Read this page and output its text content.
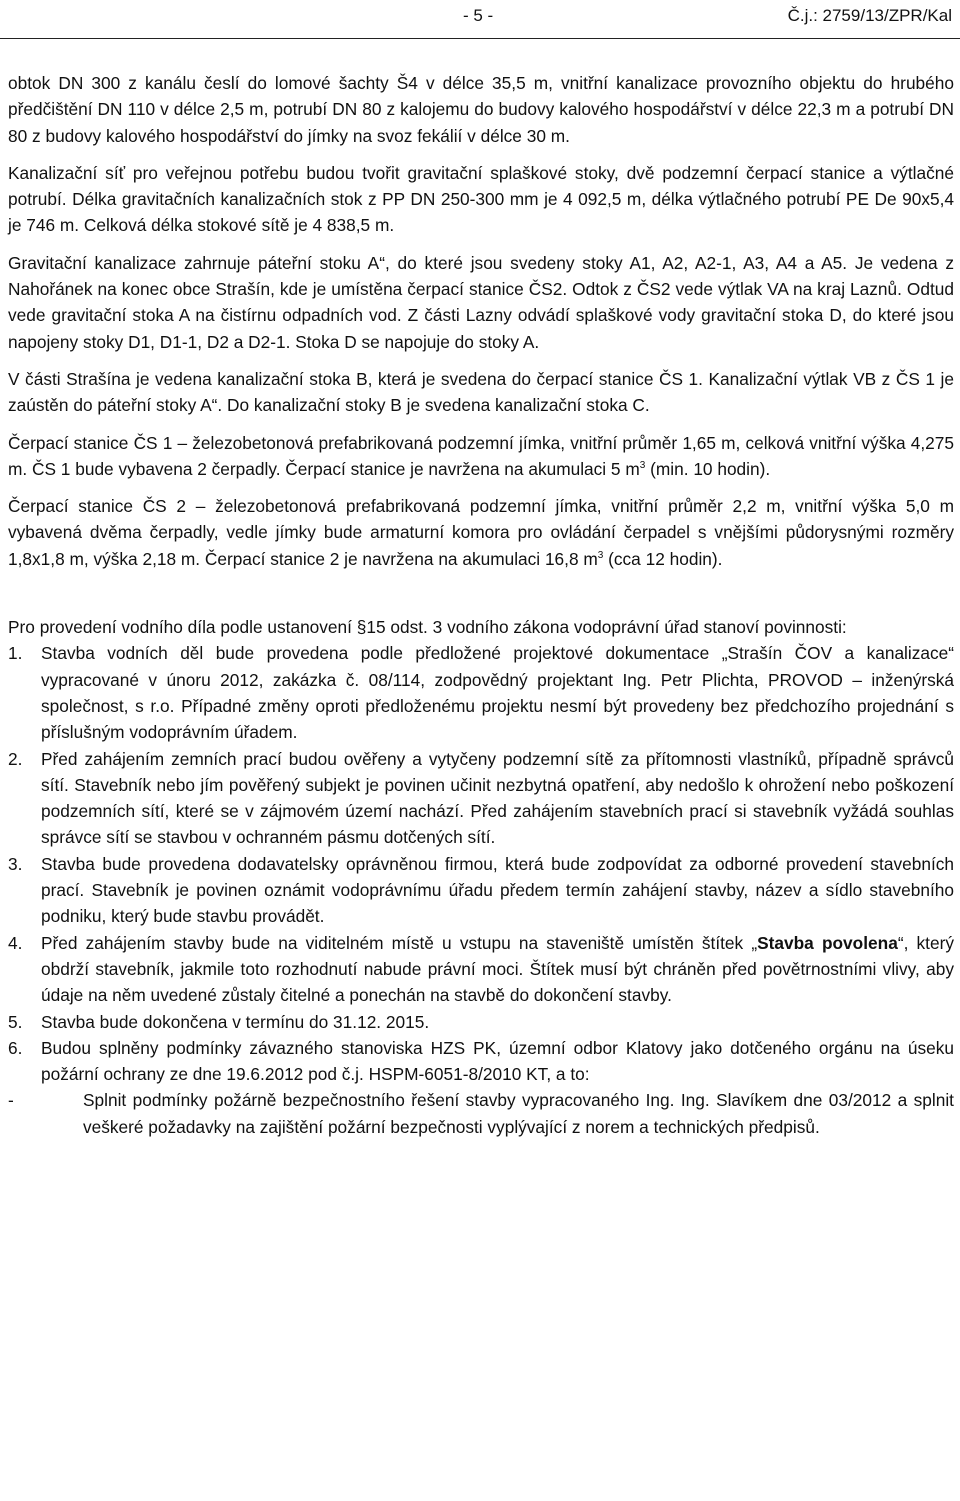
- 5 -	Č.j.: 2759/13/ZPR/Kal

obtok DN 300 z kanálu česlí do lomové šachty Š4 v délce 35,5 m, vnitřní kanalizace provozního objektu do hrubého předčištění DN 110 v délce 2,5 m, potrubí DN 80 z kalojemu do budovy kalového hospodářství v délce 22,3 m a potrubí DN 80 z budovy kalového hospodářství do jímky na svoz fekálií v délce 30 m.

Kanalizační síť pro veřejnou potřebu budou tvořit gravitační splaškové stoky, dvě podzemní čerpací stanice a výtlačné potrubí. Délka gravitačních kanalizačních stok z PP DN 250-300 mm je 4 092,5 m, délka výtlačného potrubí PE De 90x5,4 je 746 m. Celková délka stokové sítě je 4 838,5 m.

Gravitační kanalizace zahrnuje páteřní stoku A“, do které jsou svedeny stoky A1, A2, A2-1, A3, A4 a A5. Je vedena z Nahořánek na konec obce Strašín, kde je umístěna čerpací stanice ČS2. Odtok z ČS2 vede výtlak VA na kraj Laznů. Odtud vede gravitační stoka A na čistírnu odpadních vod. Z části Lazny odvádí splaškové vody gravitační stoka D, do které jsou napojeny stoky D1, D1-1, D2 a D2-1. Stoka D se napojuje do stoky A.

V části Strašína je vedena kanalizační stoka B, která je svedena do čerpací stanice ČS 1. Kanalizační výtlak VB z ČS 1 je zaústěn do páteřní stoky A“. Do kanalizační stoky B je svedena kanalizační stoka C.

Čerpací stanice ČS 1 – železobetonová prefabrikovaná podzemní jímka, vnitřní průměr 1,65 m, celková vnitřní výška 4,275 m. ČS 1 bude vybavena 2 čerpadly. Čerpací stanice je navržena na akumulaci 5 $m^3$ (min. 10 hodin).

Čerpací stanice ČS 2 – železobetonová prefabrikovaná podzemní jímka, vnitřní průměr 2,2 m, vnitřní výška 5,0 m vybavená dvěma čerpadly, vedle jímky bude armaturní komora pro ovládání čerpadel s vnějšími půdorysnými rozměry 1,8x1,8 m, výška 2,18 m. Čerpací stanice 2 je navržena na akumulaci 16,8 $m^3$ (cca 12 hodin).

Pro provedení vodního díla podle ustanovení §15 odst. 3 vodního zákona vodoprávní úřad stanoví povinnosti:

1. Stavba vodních děl bude provedena podle předložené projektové dokumentace „Strašín ČOV a kanalizace“ vypracované v únoru 2012, zakázka č. 08/114, zodpovědný projektant Ing. Petr Plichta, PROVOD – inženýrská společnost, s r.o. Případné změny oproti předloženému projektu nesmí být provedeny bez předchozího projednání s příslušným vodoprávním úřadem.
2. Před zahájením zemních prací budou ověřeny a vytyčeny podzemní sítě za přítomnosti vlastníků, případně správců sítí. Stavebník nebo jím pověřený subjekt je povinen učinit nezbytná opatření, aby nedošlo k ohrožení nebo poškození podzemních sítí, které se v zájmovém území nachází. Před zahájením stavebních prací si stavebník vyžádá souhlas správce sítí se stavbou v ochranném pásmu dotčených sítí.
3. Stavba bude provedena dodavatelsky oprávněnou firmou, která bude zodpovídat za odborné provedení stavebních prací. Stavebník je povinen oznámit vodoprávnímu úřadu předem termín zahájení stavby, název a sídlo stavebního podniku, který bude stavbu provádět.
4. Před zahájením stavby bude na viditelném místě u vstupu na staveniště umístěn štítek „Stavba povolena“, který obdrží stavebník, jakmile toto rozhodnutí nabude právní moci. Štítek musí být chráněn před povětrnostními vlivy, aby údaje na něm uvedené zůstaly čitelné a ponechán na stavbě do dokončení stavby.
5. Stavba bude dokončena v termínu do 31.12. 2015.
6. Budou splněny podmínky závazného stanoviska HZS PK, územní odbor Klatovy jako dotčeného orgánu na úseku požární ochrany ze dne 19.6.2012 pod č.j. HSPM-6051-8/2010 KT, a to:
-	Splnit podmínky požárně bezpečnostního řešení stavby vypracovaného Ing. Ing. Slavíkem dne 03/2012 a splnit veškeré požadavky na zajištění požární bezpečnosti vyplývající z norem a technických předpisů.
